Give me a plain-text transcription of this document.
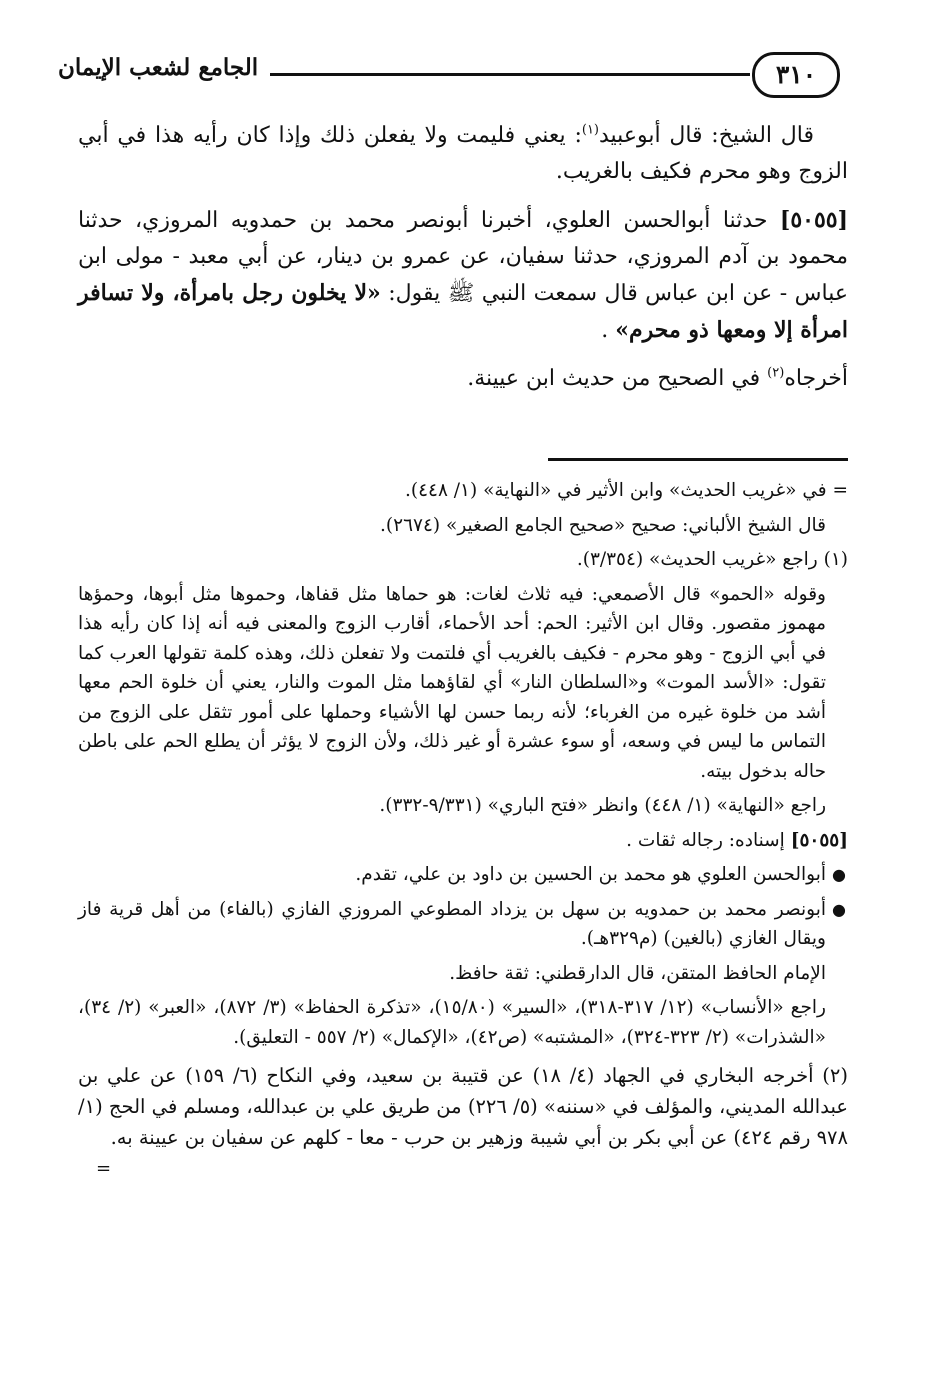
٣١٠
الجامع لشعب الإيمان

قال الشيخ: قال أبوعبيد$^{(١)}$: يعني فليمت ولا يفعلن ذلك وإذا كان رأيه هذا في أبي الزوج وهو محرم فكيف بالغريب.

[٥٠٥٥] حدثنا أبوالحسن العلوي، أخبرنا أبونصر محمد بن حمدويه المروزي، حدثنا محمود بن آدم المروزي، حدثنا سفيان، عن عمرو بن دينار، عن أبي معبد - مولى ابن عباس - عن ابن عباس قال سمعت النبي ﷺ يقول: «لا يخلون رجل بامرأة، ولا تسافر امرأة إلا ومعها ذو محرم» .

أخرجاه$^{(٢)}$ في الصحيح من حديث ابن عيينة.

= في «غريب الحديث» وابن الأثير في «النهاية» (١/ ٤٤٨).

قال الشيخ الألباني: صحيح «صحيح الجامع الصغير» (٢٦٧٤).

(١) راجع «غريب الحديث» (٣/٣٥٤).

وقوله «الحمو» قال الأصمعي: فيه ثلاث لغات: هو حماها مثل قفاها، وحموها مثل أبوها، وحمؤها مهموز مقصور. وقال ابن الأثير: الحم: أحد الأحماء، أقارب الزوج والمعنى فيه أنه إذا كان رأيه هذا في أبي الزوج - وهو محرم - فكيف بالغريب أي فلتمت ولا تفعلن ذلك، وهذه كلمة تقولها العرب كما تقول: «الأسد الموت» و«السلطان النار» أي لقاؤهما مثل الموت والنار، يعني أن خلوة الحم معها أشد من خلوة غيره من الغرباء؛ لأنه ربما حسن لها الأشياء وحملها على أمور تثقل على الزوج من التماس ما ليس في وسعه، أو سوء عشرة أو غير ذلك، ولأن الزوج لا يؤثر أن يطلع الحم على باطن حاله بدخول بيته.

راجع «النهاية» (١/ ٤٤٨) وانظر «فتح الباري» (٩/٣٣١-٣٣٢).

[٥٠٥٥] إسناده: رجاله ثقات .

●
أبوالحسن العلوي هو محمد بن الحسين بن داود بن علي، تقدم.

●
أبونصر محمد بن حمدويه بن سهل بن يزداد المطوعي المروزي الفازي (بالفاء) من أهل قرية فاز ويقال الغازي (بالغين) (م٣٢٩هـ).

الإمام الحافظ المتقن، قال الدارقطني: ثقة حافظ.

راجع «الأنساب» (١٢/ ٣١٧-٣١٨)، «السير» (١٥/٨٠)، «تذكرة الحفاظ» (٣/ ٨٧٢)، «العبر» (٢/ ٣٤)، «الشذرات» (٢/ ٣٢٣-٣٢٤)، «المشتبه» (ص٤٢)، «الإكمال» (٢/ ٥٥٧ - التعليق).

(٢) أخرجه البخاري في الجهاد (٤/ ١٨) عن قتيبة بن سعيد، وفي النكاح (٦/ ١٥٩) عن علي بن عبدالله المديني، والمؤلف في «سننه» (٥/ ٢٢٦) من طريق علي بن عبدالله، ومسلم في الحج (١/ ٩٧٨ رقم ٤٢٤) عن أبي بكر بن أبي شيبة وزهير بن حرب - معا - كلهم عن سفيان بن عيينة به.

=
